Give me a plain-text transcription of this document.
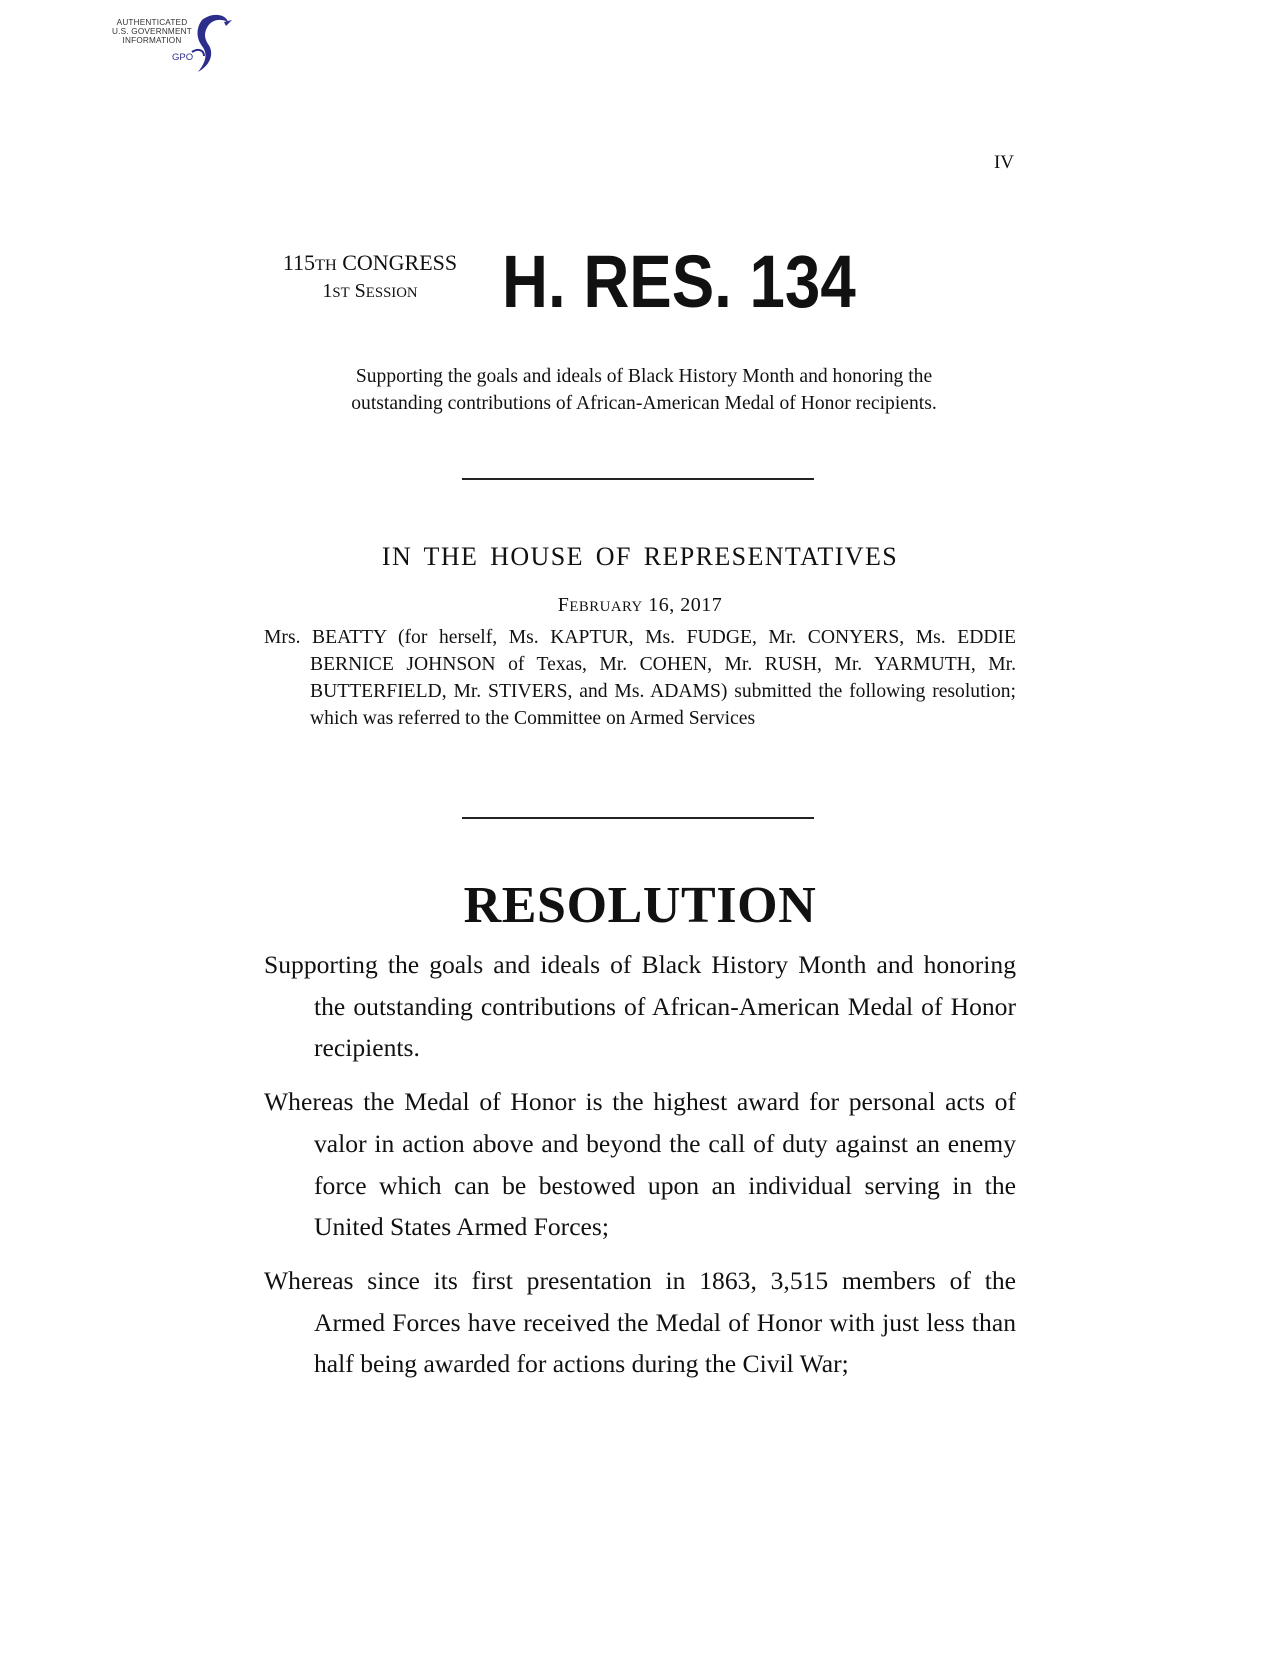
AUTHENTICATED
U.S. GOVERNMENT
INFORMATION
GPO
IV
115TH CONGRESS
1ST SESSION	H. RES. 134
Supporting the goals and ideals of Black History Month and honoring the
outstanding contributions of African-American Medal of Honor recipients.
IN THE HOUSE OF REPRESENTATIVES
FEBRUARY 16, 2017

Mrs. BEATTY (for herself, Ms. KAPTUR, Ms. FUDGE, Mr. CONYERS, Ms. EDDIE BERNICE JOHNSON of Texas, Mr. COHEN, Mr. RUSH, Mr. YARMUTH, Mr. BUTTERFIELD, Mr. STIVERS, and Ms. ADAMS) submitted the following resolution; which was referred to the Committee on Armed Services

RESOLUTION

Supporting the goals and ideals of Black History Month and honoring the outstanding contributions of African-American Medal of Honor recipients.

Whereas the Medal of Honor is the highest award for personal acts of valor in action above and beyond the call of duty against an enemy force which can be bestowed upon an individual serving in the United States Armed Forces;

Whereas since its first presentation in 1863, 3,515 members of the Armed Forces have received the Medal of Honor with just less than half being awarded for actions during the Civil War;
